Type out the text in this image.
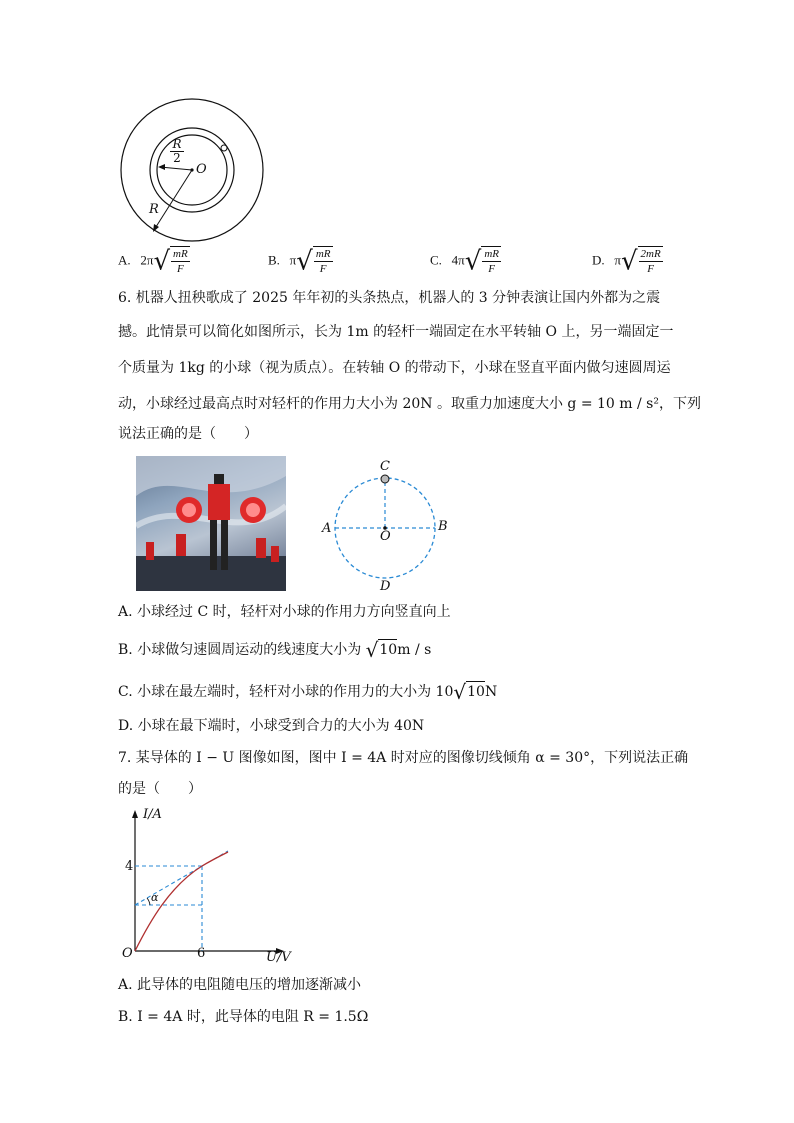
$\frac{R}{2}$
O
R
A. $2\pi√ \frac{mR}{F}$	B. $\pi√ \frac{mR}{F}$	C. $4\pi√ \frac{mR}{F}$	D. $\pi√ \frac{2mR}{F}$
6. 机器人扭秧歌成了 2025 年年初的头条热点，机器人的 3 分钟表演让国内外都为之震
撼。此情景可以简化如图所示，长为 1m 的轻杆一端固定在水平转轴 O 上，另一端固定一
个质量为 1kg 的小球（视为质点）。在转轴 O 的带动下，小球在竖直平面内做匀速圆周运
动，小球经过最高点时对轻杆的作用力大小为 20N 。取重力加速度大小 g = 10 m / s²，下列
说法正确的是（　　）
C
A	B
O
D
A. 小球经过 C 时，轻杆对小球的作用力方向竖直向上
B. 小球做匀速圆周运动的线速度大小为 √10m / s
C. 小球在最左端时，轻杆对小球的作用力的大小为 10√10N
D. 小球在最下端时，小球受到合力的大小为 40N
7. 某导体的 I − U 图像如图，图中 I = 4A 时对应的图像切线倾角 α = 30°，下列说法正确
的是（　　）
I/A
U/V
O
4
6
α
A. 此导体的电阻随电压的增加逐渐减小
B. I = 4A 时，此导体的电阻 R = 1.5Ω
